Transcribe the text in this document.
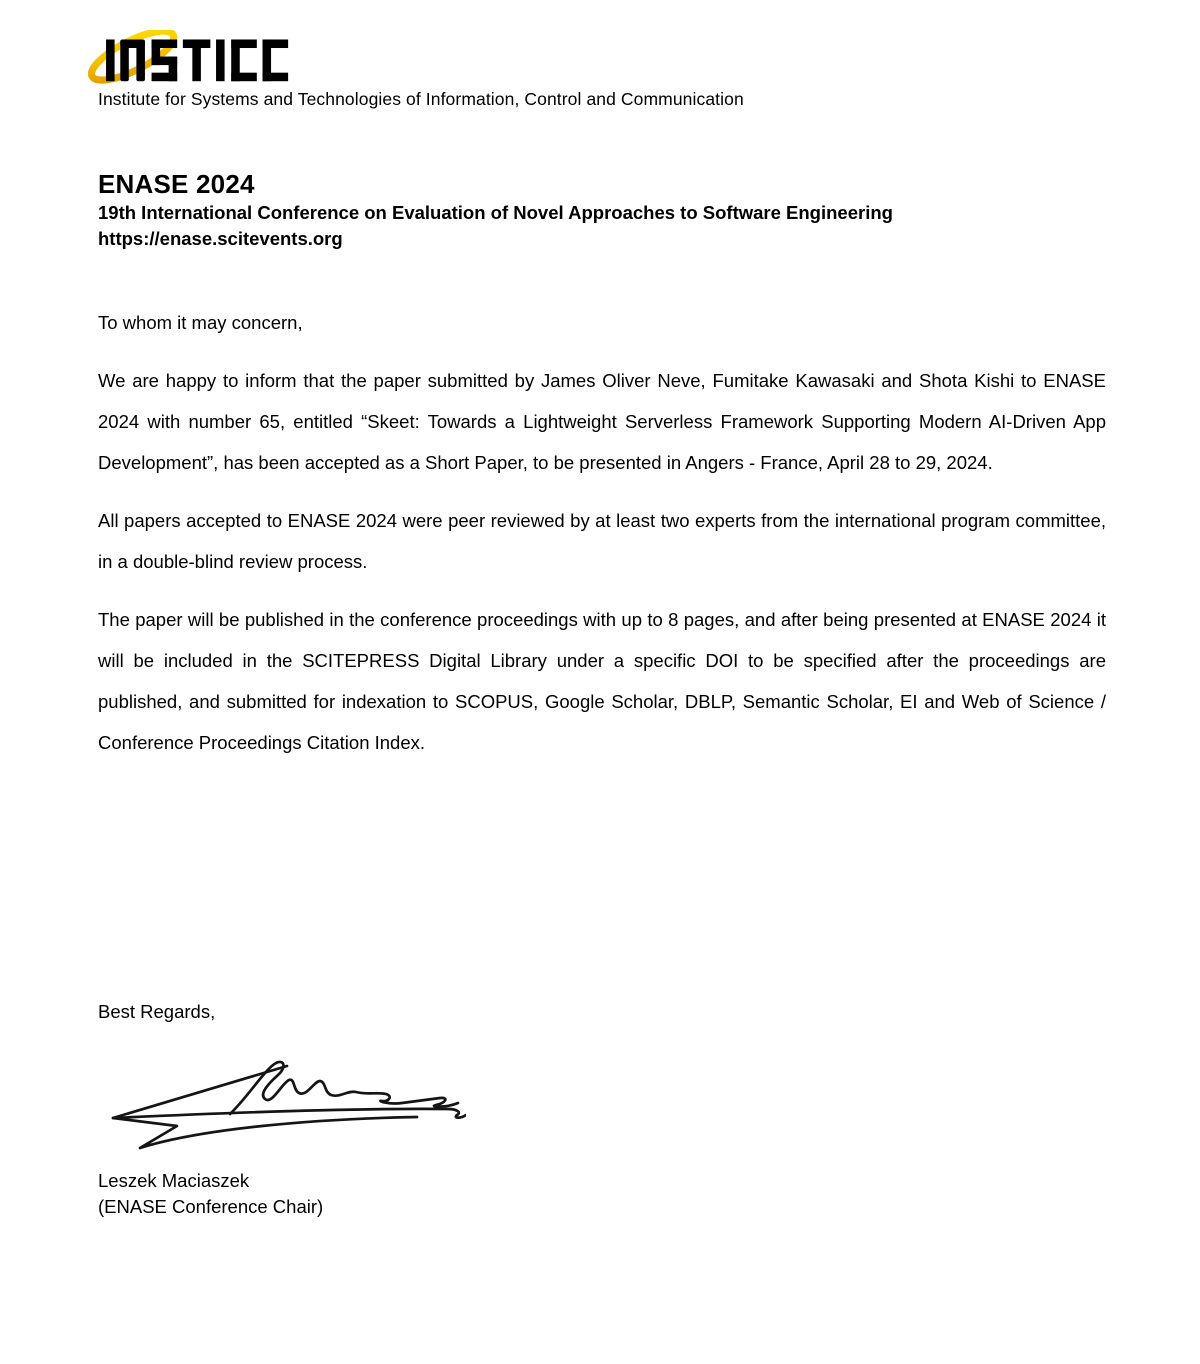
Institute for Systems and Technologies of Information, Control and Communication
ENASE 2024
19th International Conference on Evaluation of Novel Approaches to Software Engineering
https://enase.scitevents.org

To whom it may concern,

We are happy to inform that the paper submitted by James Oliver Neve, Fumitake Kawasaki and Shota Kishi to ENASE 2024 with number 65, entitled “Skeet: Towards a Lightweight Serverless Framework Supporting Modern AI-Driven App Development”, has been accepted as a Short Paper, to be presented in Angers - France, April 28 to 29, 2024.

All papers accepted to ENASE 2024 were peer reviewed by at least two experts from the international program committee, in a double-blind review process.

The paper will be published in the conference proceedings with up to 8 pages, and after being presented at ENASE 2024 it will be included in the SCITEPRESS Digital Library under a specific DOI to be specified after the proceedings are published, and submitted for indexation to SCOPUS, Google Scholar, DBLP, Semantic Scholar, EI and Web of Science / Conference Proceedings Citation Index.

Best Regards,

Leszek Maciaszek
(ENASE Conference Chair)
